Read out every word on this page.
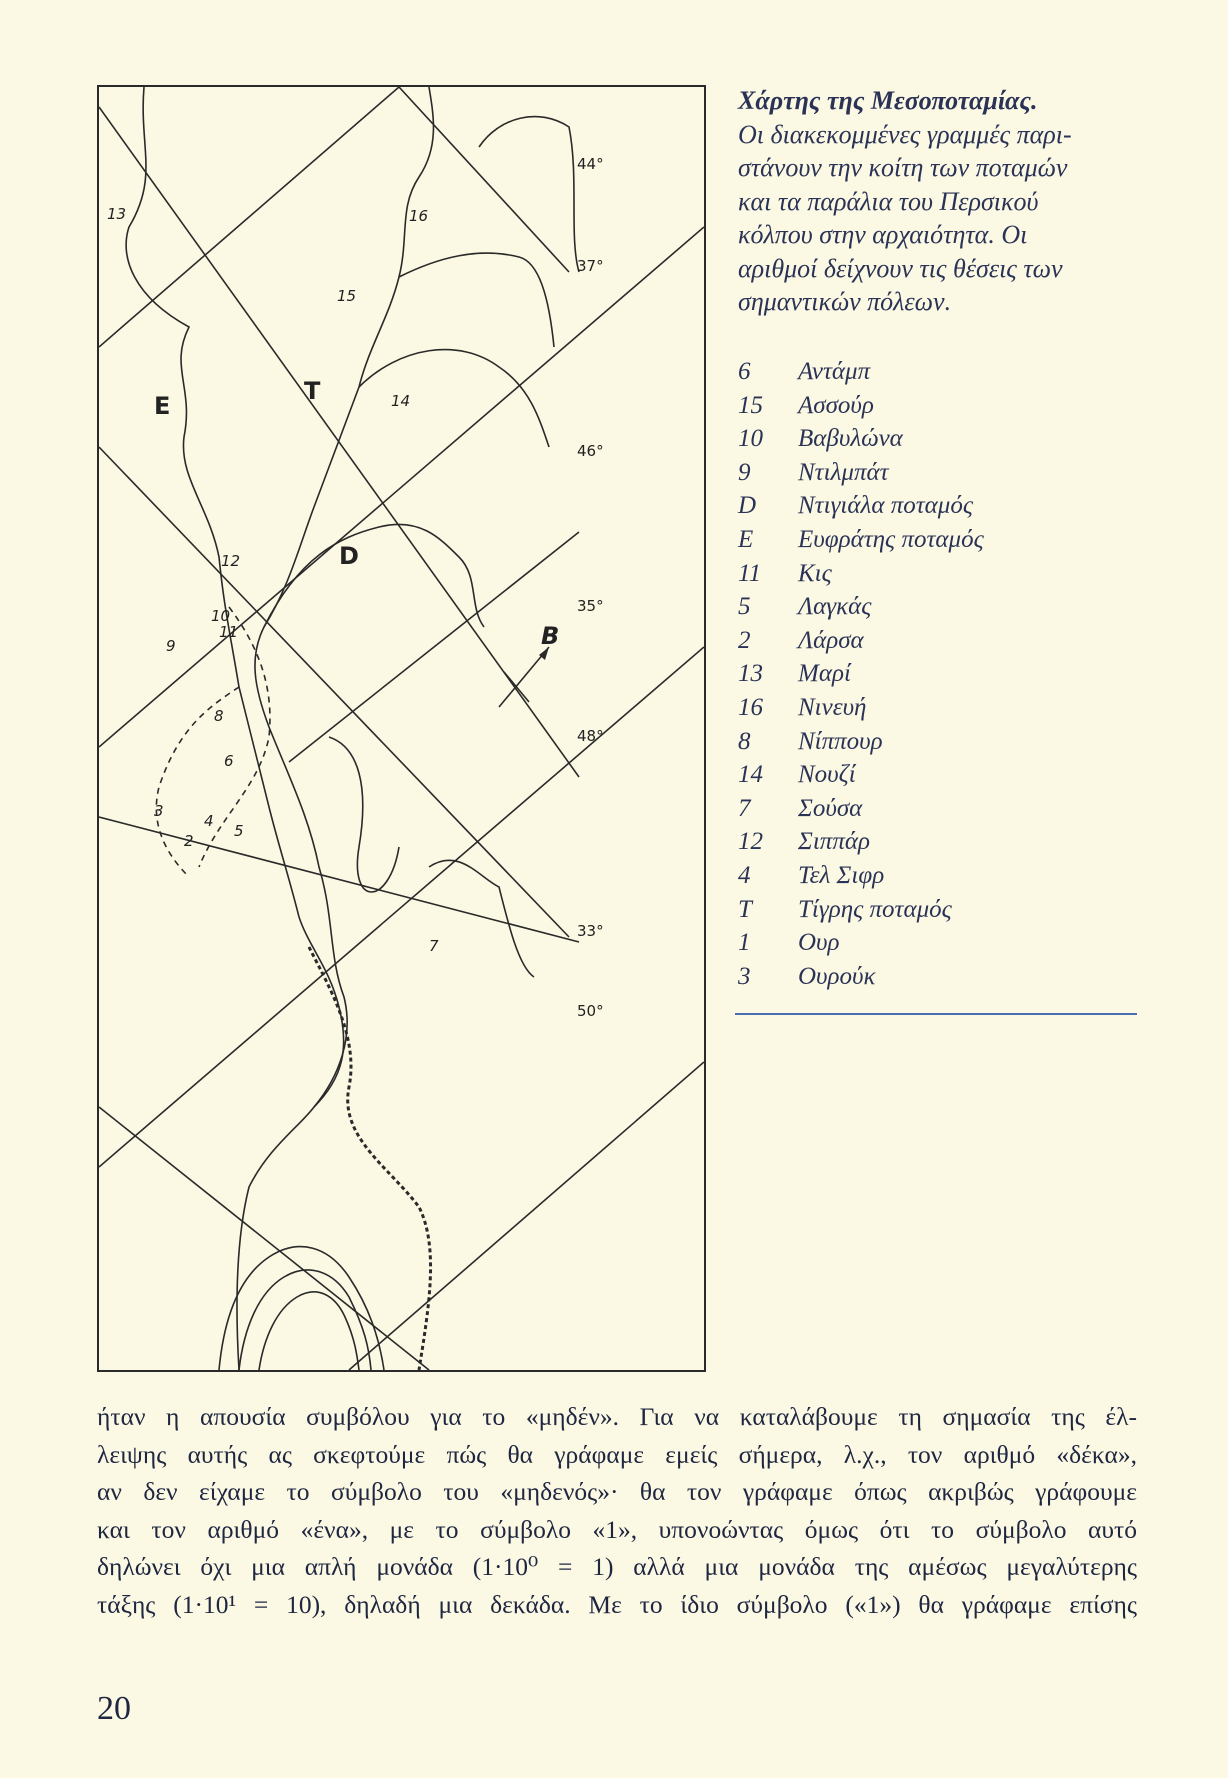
44°
37°
46°
35°
48°
33°
50°
E
T
D
B
13	16
15
14
12
10
11
9
8
6
3
4
2
5
7
Χάρτης της Μεσοποταμίας.
Οι διακεκομμένες γραμμές παρι-
στάνουν την κοίτη των ποταμών
και τα παράλια του Περσικού
κόλπου στην αρχαιότητα. Οι
αριθμοί δείχνουν τις θέσεις των
σημαντικών πόλεων.
6	Αντάμπ
15	Ασσούρ
10	Βαβυλώνα
9	Ντιλμπάτ
D	Ντιγιάλα ποταμός
E	Ευφράτης ποταμός
11	Κις
5	Λαγκάς
2	Λάρσα
13	Μαρί
16	Νινευή
8	Νίππουρ
14	Νουζί
7	Σούσα
12	Σιππάρ
4	Τελ Σιφρ
T	Τίγρης ποταμός
1	Ουρ
3	Ουρούκ
ήταν η απουσία συμβόλου για το «μηδέν». Για να καταλάβουμε τη σημασία της έλ-
λειψης αυτής ας σκεφτούμε πώς θα γράφαμε εμείς σήμερα, λ.χ., τον αριθμό «δέκα»,
αν δεν είχαμε το σύμβολο του «μηδενός»· θα τον γράφαμε όπως ακριβώς γράφουμε
και τον αριθμό «ένα», με το σύμβολο «1», υπονοώντας όμως ότι το σύμβολο αυτό
δηλώνει όχι μια απλή μονάδα (1·10⁰ = 1) αλλά μια μονάδα της αμέσως μεγαλύτερης
τάξης (1·10¹ = 10), δηλαδή μια δεκάδα. Με το ίδιο σύμβολο («1») θα γράφαμε επίσης
20
